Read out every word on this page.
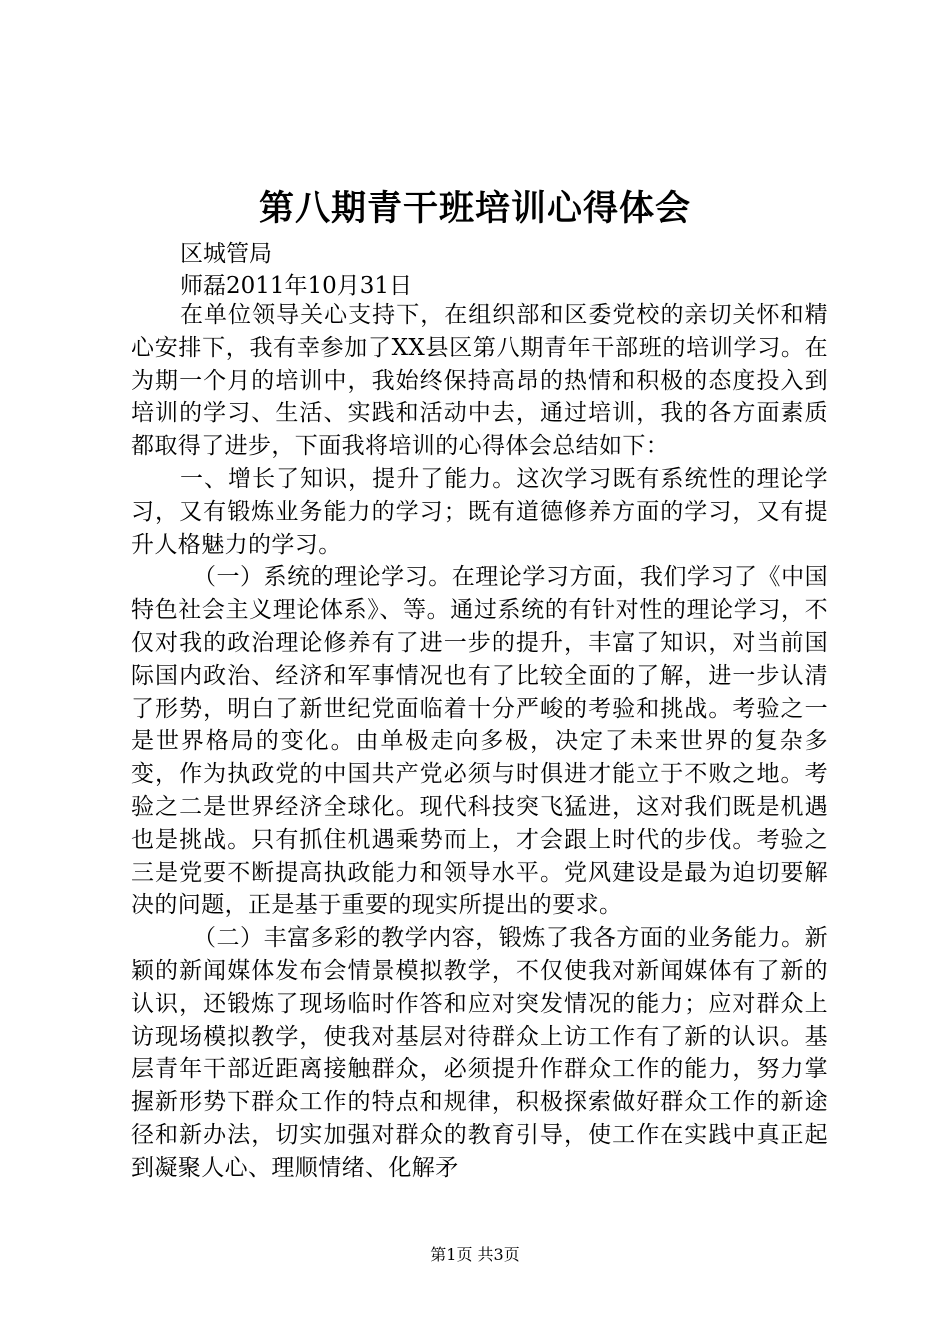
第八期青干班培训心得体会

区城管局

师磊2011年10月31日

在单位领导关心支持下，在组织部和区委党校的亲切关怀和精心安排下，我有幸参加了XX县区第八期青年干部班的培训学习。在为期一个月的培训中，我始终保持高昂的热情和积极的态度投入到培训的学习、生活、实践和活动中去，通过培训，我的各方面素质都取得了进步，下面我将培训的心得体会总结如下：

一、增长了知识，提升了能力。这次学习既有系统性的理论学习，又有锻炼业务能力的学习；既有道德修养方面的学习，又有提升人格魅力的学习。

（一）系统的理论学习。在理论学习方面，我们学习了《中国特色社会主义理论体系》、等。通过系统的有针对性的理论学习，不仅对我的政治理论修养有了进一步的提升，丰富了知识，对当前国际国内政治、经济和军事情况也有了比较全面的了解，进一步认清了形势，明白了新世纪党面临着十分严峻的考验和挑战。考验之一是世界格局的变化。由单极走向多极，决定了未来世界的复杂多变，作为执政党的中国共产党必须与时俱进才能立于不败之地。考验之二是世界经济全球化。现代科技突飞猛进，这对我们既是机遇也是挑战。只有抓住机遇乘势而上，才会跟上时代的步伐。考验之三是党要不断提高执政能力和领导水平。党风建设是最为迫切要解决的问题，正是基于重要的现实所提出的要求。

（二）丰富多彩的教学内容，锻炼了我各方面的业务能力。新颖的新闻媒体发布会情景模拟教学，不仅使我对新闻媒体有了新的认识，还锻炼了现场临时作答和应对突发情况的能力；应对群众上访现场模拟教学，使我对基层对待群众上访工作有了新的认识。基层青年干部近距离接触群众，必须提升作群众工作的能力，努力掌握新形势下群众工作的特点和规律，积极探索做好群众工作的新途径和新办法，切实加强对群众的教育引导，使工作在实践中真正起到凝聚人心、理顺情绪、化解矛

第1页 共3页
